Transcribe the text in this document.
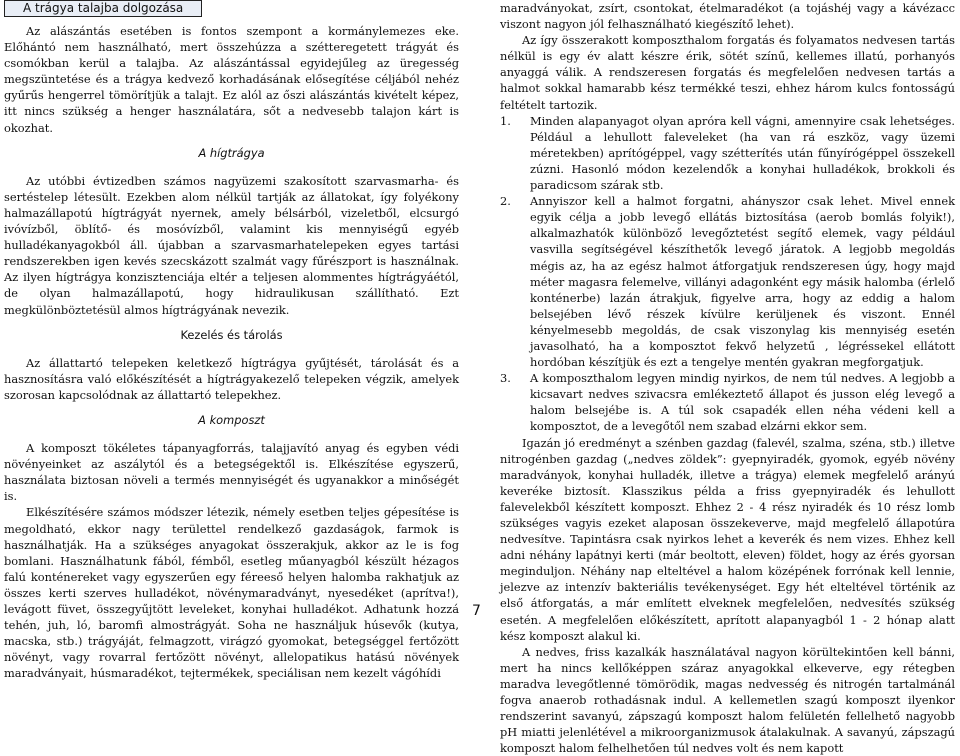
A trágya talajba dolgozása

Az alászántás esetében is fontos szempont a kormánylemezes eke. Előhántó nem használható, mert összehúzza a szétteregetett trágyát és csomókban kerül a talajba. Az alászántással egyidejűleg az üregesség megszüntetése és a trágya kedvező korhadásának elősegítése céljából nehéz gyűrűs hengerrel tömörítjük a talajt. Ez alól az őszi alászántás kivételt képez, itt nincs szükség a henger használatára, sőt a nedvesebb talajon kárt is okozhat.

A hígtrágya

Az utóbbi évtizedben számos nagyüzemi szakosított szarvasmarha- és sertéstelep létesült. Ezekben alom nélkül tartják az állatokat, így folyékony halmazállapotú hígtrágyát nyernek, amely bélsárból, vizeletből, elcsurgó ivóvízből, öblítő- és mosóvízből, valamint kis mennyiségű egyéb hulladékanyagokból áll. újabban a szarvasmarhatelepeken egyes tartási rendszerekben igen kevés szecskázott szalmát vagy fűrészport is használnak. Az ilyen hígtrágya konzisztenciája eltér a teljesen alommentes hígtrágyáétól, de olyan halmazállapotú, hogy hidraulikusan szállítható. Ezt megkülönböztetésül almos hígtrágyának nevezik.

Kezelés és tárolás

Az állattartó telepeken keletkező hígtrágya gyűjtését, tárolását és a hasznosításra való előkészítését a hígtrágyakezelő telepeken végzik, amelyek szorosan kapcsolódnak az állattartó telepekhez.

A komposzt

A komposzt tökéletes tápanyagforrás, talajjavító anyag és egyben védi növényeinket az aszálytól és a betegségektől is. Elkészítése egyszerű, használata biztosan növeli a termés mennyiségét és ugyanakkor a minőségét is.

Elkészítésére számos módszer létezik, némely esetben teljes gépesítése is megoldható, ekkor nagy területtel rendelkező gazdaságok, farmok is használhatják. Ha a szükséges anyagokat összerakjuk, akkor az le is fog bomlani. Használhatunk fából, fémből, esetleg műanyagból készült hézagos falú konténereket vagy egyszerűen egy féreeső helyen halomba rakhatjuk az összes kerti szerves hulladékot, növénymaradványt, nyesedéket (aprítva!), levágott füvet, összegyűjtött leveleket, konyhai hulladékot. Adhatunk hozzá tehén, juh, ló, baromfi almostrágyát. Soha ne használjuk húsevők (kutya, macska, stb.) trágyáját, felmagzott, virágzó gyomokat, betegséggel fertőzött növényt, vagy rovarral fertőzött növényt, allelopatikus hatású növények maradványait, húsmaradékot, tejtermékek, speciálisan nem kezelt vágóhídi

maradványokat, zsírt, csontokat, ételmaradékot (a tojáshéj vagy a kávézacc viszont nagyon jól felhasználható kiegészítő lehet).

Az így összerakott komposzthalom forgatás és folyamatos nedvesen tartás nélkül is egy év alatt készre érik, sötét színű, kellemes illatú, porhanyós anyaggá válik. A rendszeresen forgatás és megfelelően nedvesen tartás a halmot sokkal hamarabb kész termékké teszi, ehhez három kulcs fontosságú feltételt tartozik.

1. Minden alapanyagot olyan apróra kell vágni, amennyire csak lehetséges. Például a lehullott faleveleket (ha van rá eszköz, vagy üzemi méretekben) aprítógéppel, vagy szétterítés után fűnyírógéppel összekell zúzni. Hasonló módon kezelendők a konyhai hulladékok, brokkoli és paradicsom szárak stb.

2. Annyiszor kell a halmot forgatni, ahányszor csak lehet. Mivel ennek egyik célja a jobb levegő ellátás biztosítása (aerob bomlás folyik!), alkalmazhatók különböző levegőztetést segítő elemek, vagy például vasvilla segítségével készíthetők levegő járatok. A legjobb megoldás mégis az, ha az egész halmot átforgatjuk rendszeresen úgy, hogy majd méter magasra felemelve, villányi adagonként egy másik halomba (érlelő konténerbe) lazán átrakjuk, figyelve arra, hogy az eddig a halom belsejében lévő részek kívülre kerüljenek és viszont. Ennél kényelmesebb megoldás, de csak viszonylag kis mennyiség esetén javasolható, ha a komposztot fekvő helyzetű , légréssekel ellátott hordóban készítjük és ezt a tengelye mentén gyakran megforgatjuk.

3. A komposzthalom legyen mindig nyirkos, de nem túl nedves. A legjobb a kicsavart nedves szivacsra emlékeztető állapot és jusson elég levegő a halom belsejébe is. A túl sok csapadék ellen néha védeni kell a komposztot, de a levegőtől nem szabad elzárni ekkor sem.

Igazán jó eredményt a szénben gazdag (falevél, szalma, széna, stb.) illetve nitrogénben gazdag („nedves zöldek”: gyepnyiradék, gyomok, egyéb növény maradványok, konyhai hulladék, illetve a trágya) elemek megfelelő arányú keveréke biztosít. Klasszikus példa a friss gyepnyiradék és lehullott falevelekből készített komposzt. Ehhez 2 - 4 rész nyiradék és 10 rész lomb szükséges vagyis ezeket alaposan összekeverve, majd megfelelő állapotúra nedvesítve. Tapintásra csak nyirkos lehet a keverék és nem vizes. Ehhez kell adni néhány lapátnyi kerti (már beoltott, eleven) földet, hogy az érés gyorsan meginduljon. Néhány nap elteltével a halom középének forrónak kell lennie, jelezve az intenzív bakteriális tevékenységet. Egy hét elteltével történik az első átforgatás, a már említett elveknek megfelelően, nedvesítés szükség esetén. A megfelelően előkészített, aprított alapanyagból 1 - 2 hónap alatt kész komposzt alakul ki.

A nedves, friss kazalkák használatával nagyon körültekintően kell bánni, mert ha nincs kellőképpen száraz anyagokkal elkeverve, egy rétegben maradva levegőtlenné tömörödik, magas nedvesség és nitrogén tartalmánál fogva anaerob rothadásnak indul. A kellemetlen szagú komposzt ilyenkor rendszerint savanyú, zápszagú komposzt halom felületén fellelhető nagyobb pH miatti jelenlétével a mikroorganizmusok átalakulnak. A savanyú, zápszagú komposzt halom felhelhetően túl nedves volt és nem kapott

7
